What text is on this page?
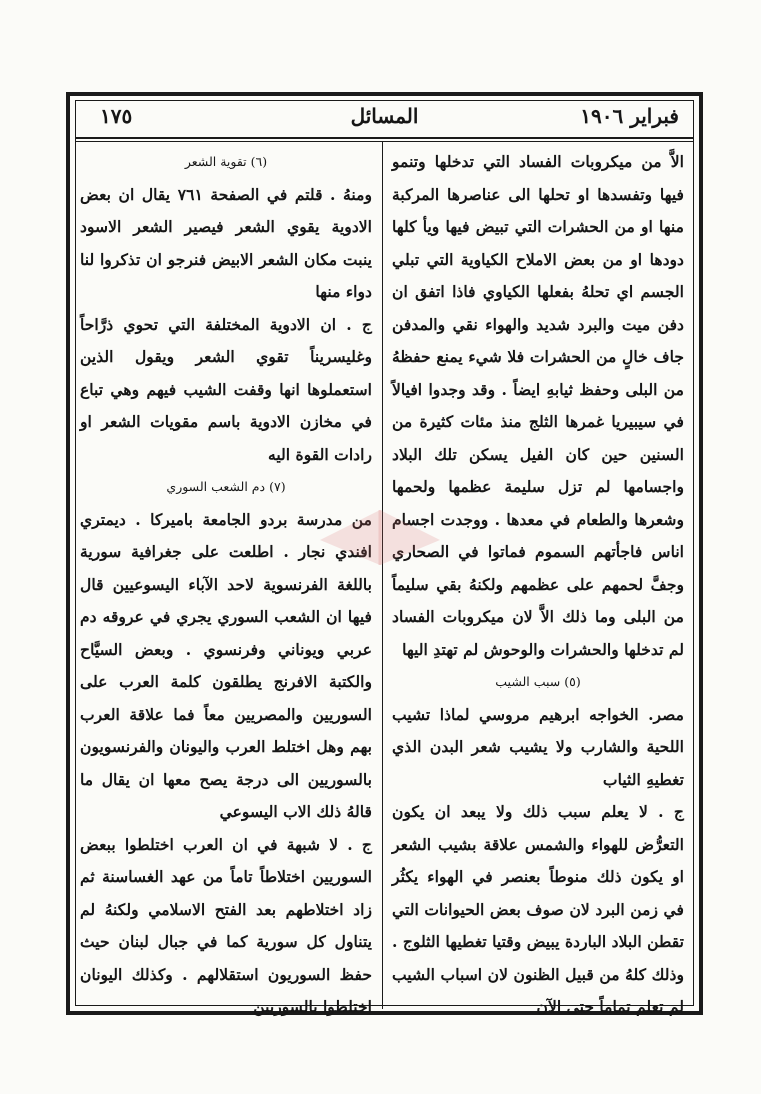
فبراير ١٩٠٦
المسائل
١٧٥

الاَّ من ميكروبات الفساد التي تدخلها وتنمو فيها وتفسدها او تحلها الى عناصرها المركبة منها او من الحشرات التي تبيض فيها ويأ كلها دودها او من بعض الاملاح الكياوية التي تبلي الجسم اي تحلهُ بفعلها الكياوي فاذا اتفق ان دفن ميت والبرد شديد والهواء نقي والمدفن جاف خالٍ من الحشرات فلا شيء يمنع حفظهُ من البلى وحفظ ثيابهِ ايضاً . وقد وجدوا افيالاً في سيبيريا غمرها الثلج منذ مئات كثيرة من السنين حين كان الفيل يسكن تلك البلاد واجسامها لم تزل سليمة عظمها ولحمها وشعرها والطعام في معدها . ووجدت اجسام اناس فاجأتهم السموم فماتوا في الصحاري وجفَّ لحمهم على عظمهم ولكنهُ بقي سليماً من البلى وما ذلك الاَّ لان ميكروبات الفساد لم تدخلها والحشرات والوحوش لم تهتدِ اليها

(٥) سبب الشيب

مصر. الخواجه ابرهيم مروسي لماذا تشيب اللحية والشارب ولا يشيب شعر البدن الذي تغطيهِ الثياب

ج . لا يعلم سبب ذلك ولا يبعد ان يكون التعرُّض للهواء والشمس علاقة بشيب الشعر او يكون ذلك منوطاً بعنصر في الهواء يكثُر في زمن البرد لان صوف بعض الحيوانات التي تقطن البلاد الباردة يبيض وقتيا تغطيها الثلوج . وذلك كلهُ من قبيل الظنون لان اسباب الشيب لم تعلم تماماً حتى الآن

(٦) تقوية الشعر

ومنهُ . قلتم في الصفحة ٧٦١ يقال ان بعض الادوية يقوي الشعر فيصير الشعر الاسود ينبت مكان الشعر الابيض فنرجو ان تذكروا لنا دواء منها

ج . ان الادوية المختلفة التي تحوي ذرَّاحاً وغليسريناً تقوي الشعر ويقول الذين استعملوها انها وقفت الشيب فيهم وهي تباع في مخازن الادوية باسم مقويات الشعر او رادات القوة اليه

(٧) دم الشعب السوري

من مدرسة بردو الجامعة باميركا . ديمتري افندي نجار . اطلعت على جغرافية سورية باللغة الفرنسوية لاحد الآباء اليسوعيين قال فيها ان الشعب السوري يجري في عروقه دم عربي ويوناني وفرنسوي . وبعض السيَّاح والكتبة الافرنج يطلقون كلمة العرب على السوريين والمصريين معاً فما علاقة العرب بهم وهل اختلط العرب واليونان والفرنسويون بالسوريين الى درجة يصح معها ان يقال ما قالهُ ذلك الاب اليسوعي

ج . لا شبهة في ان العرب اختلطوا ببعض السوريين اختلاطاً تاماً من عهد الغساسنة ثم زاد اختلاطهم بعد الفتح الاسلامي ولكنهُ لم يتناول كل سورية كما في جبال لبنان حيث حفظ السوريون استقلالهم . وكذلك اليونان اختلطوا بالسوريين
